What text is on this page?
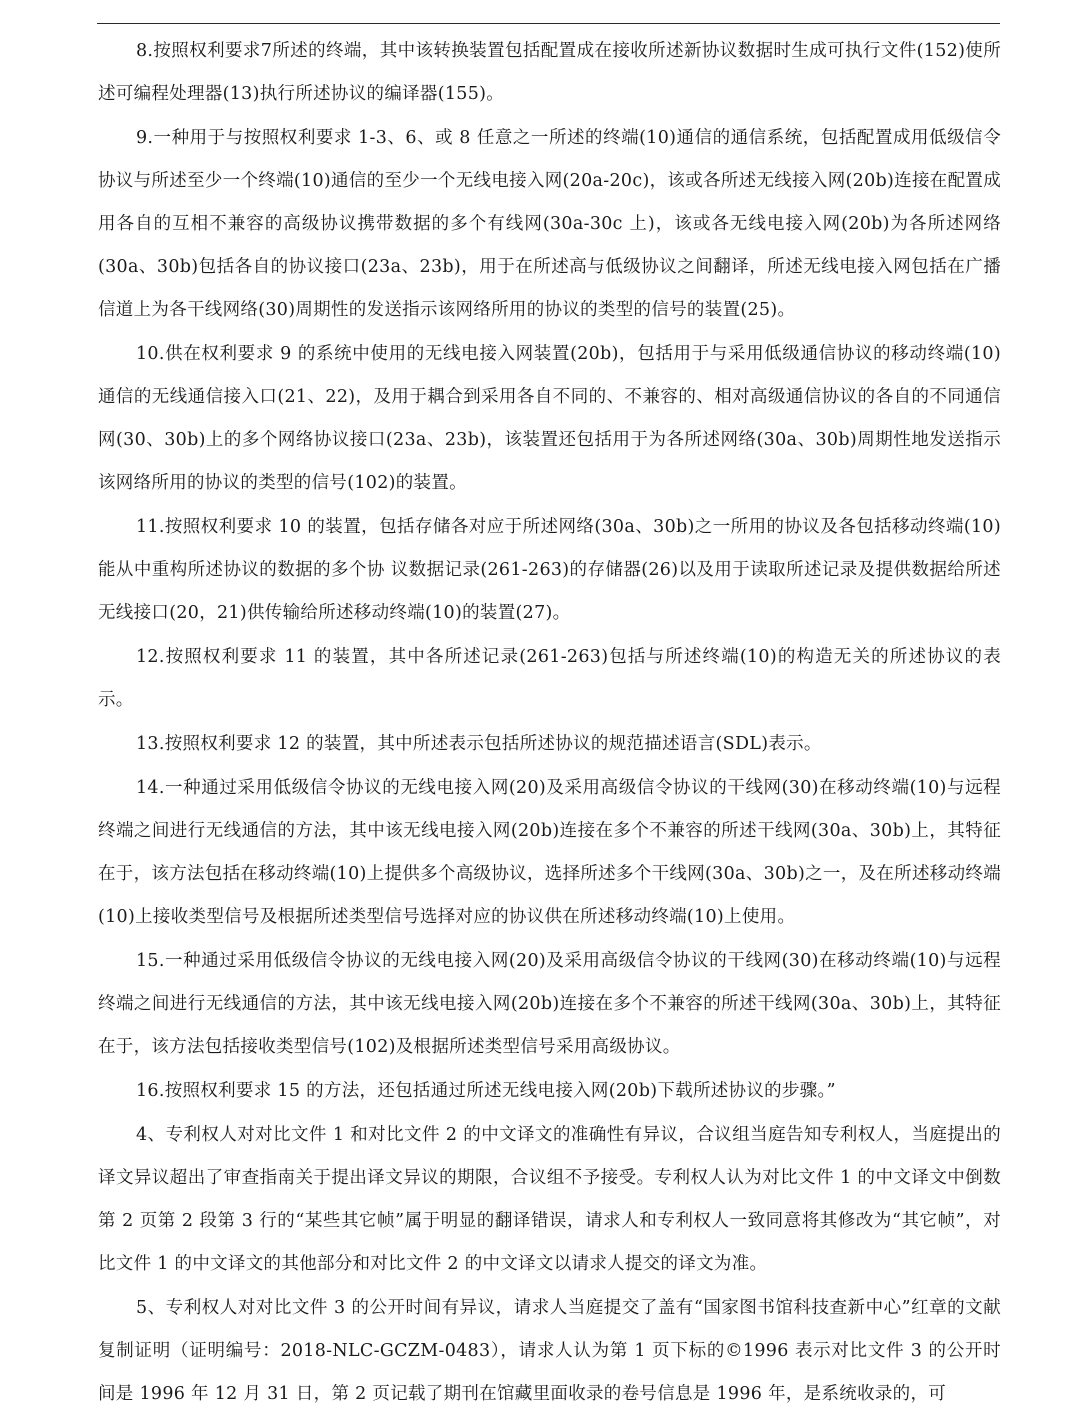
8.按照权利要求7所述的终端，其中该转换装置包括配置成在接收所述新协议数据时生成可执行文件(152)使所述可编程处理器(13)执行所述协议的编译器(155)。

9.一种用于与按照权利要求 1-3、6、或 8 任意之一所述的终端(10)通信的通信系统，包括配置成用低级信令协议与所述至少一个终端(10)通信的至少一个无线电接入网(20a-20c)，该或各所述无线接入网(20b)连接在配置成用各自的互相不兼容的高级协议携带数据的多个有线网(30a-30c 上)，该或各无线电接入网(20b)为各所述网络(30a、30b)包括各自的协议接口(23a、23b)，用于在所述高与低级协议之间翻译，所述无线电接入网包括在广播信道上为各干线网络(30)周期性的发送指示该网络所用的协议的类型的信号的装置(25)。

10.供在权利要求 9 的系统中使用的无线电接入网装置(20b)，包括用于与采用低级通信协议的移动终端(10)通信的无线通信接入口(21、22)，及用于耦合到采用各自不同的、不兼容的、相对高级通信协议的各自的不同通信网(30、30b)上的多个网络协议接口(23a、23b)，该装置还包括用于为各所述网络(30a、30b)周期性地发送指示该网络所用的协议的类型的信号(102)的装置。

11.按照权利要求 10 的装置，包括存储各对应于所述网络(30a、30b)之一所用的协议及各包括移动终端(10)能从中重构所述协议的数据的多个协 议数据记录(261-263)的存储器(26)以及用于读取所述记录及提供数据给所述无线接口(20，21)供传输给所述移动终端(10)的装置(27)。

12.按照权利要求 11 的装置，其中各所述记录(261-263)包括与所述终端(10)的构造无关的所述协议的表示。

13.按照权利要求 12 的装置，其中所述表示包括所述协议的规范描述语言(SDL)表示。

14.一种通过采用低级信令协议的无线电接入网(20)及采用高级信令协议的干线网(30)在移动终端(10)与远程终端之间进行无线通信的方法，其中该无线电接入网(20b)连接在多个不兼容的所述干线网(30a、30b)上，其特征在于，该方法包括在移动终端(10)上提供多个高级协议，选择所述多个干线网(30a、30b)之一，及在所述移动终端(10)上接收类型信号及根据所述类型信号选择对应的协议供在所述移动终端(10)上使用。

15.一种通过采用低级信令协议的无线电接入网(20)及采用高级信令协议的干线网(30)在移动终端(10)与远程终端之间进行无线通信的方法，其中该无线电接入网(20b)连接在多个不兼容的所述干线网(30a、30b)上，其特征在于，该方法包括接收类型信号(102)及根据所述类型信号采用高级协议。

16.按照权利要求 15 的方法，还包括通过所述无线电接入网(20b)下载所述协议的步骤。”

4、专利权人对对比文件 1 和对比文件 2 的中文译文的准确性有异议，合议组当庭告知专利权人，当庭提出的译文异议超出了审查指南关于提出译文异议的期限，合议组不予接受。专利权人认为对比文件 1 的中文译文中倒数第 2 页第 2 段第 3 行的“某些其它帧”属于明显的翻译错误，请求人和专利权人一致同意将其修改为“其它帧”，对比文件 1 的中文译文的其他部分和对比文件 2 的中文译文以请求人提交的译文为准。

5、专利权人对对比文件 3 的公开时间有异议，请求人当庭提交了盖有“国家图书馆科技查新中心”红章的文献复制证明（证明编号：2018-NLC-GCZM-0483），请求人认为第 1 页下标的©1996 表示对比文件 3 的公开时间是 1996 年 12 月 31 日，第 2 页记载了期刊在馆藏里面收录的卷号信息是 1996 年，是系统收录的，可
